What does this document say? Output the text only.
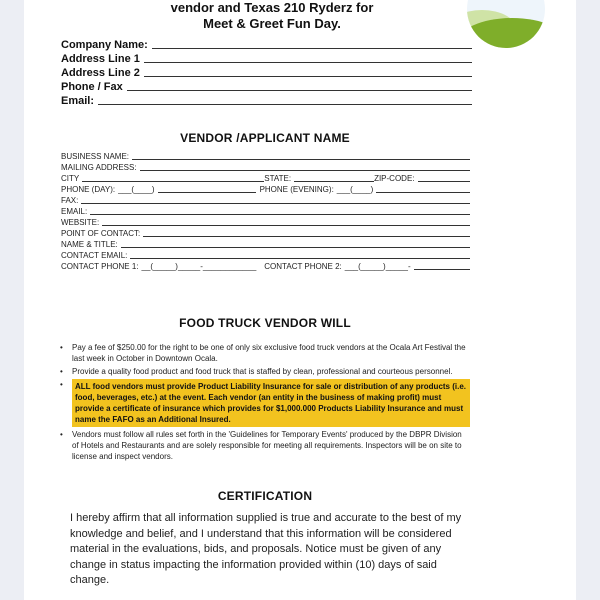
vendor and Texas 210 Ryderz for
Meet & Greet Fun Day.
Company Name:
Address Line 1
Address Line 2
Phone / Fax
Email:
VENDOR /APPLICANT NAME
BUSINESS NAME:
MAILING ADDRESS:
CITY	STATE:	ZIP-CODE:
PHONE (DAY): ___(____)	PHONE (EVENING): ___(____)
FAX:
EMAIL:
WEBSITE:
POINT OF CONTACT:
NAME & TITLE:
CONTACT EMAIL:
CONTACT PHONE 1: __(_____)_____-____________	CONTACT PHONE 2: ___(_____)_____-
FOOD TRUCK VENDOR WILL
•	Pay a fee of $250.00 for the right to be one of only six exclusive food truck vendors at the Ocala Art Festival the last week in October in Downtown Ocala.
•	Provide a quality food product and food truck that is staffed by clean, professional and courteous personnel.
•	ALL food vendors must provide Product Liability Insurance for sale or distribution of any products (i.e. food, beverages, etc.) at the event. Each vendor (an entity in the business of making profit) must provide a certificate of insurance which provides for $1,000.000 Products Liability Insurance and must name the FAFO as an Additional Insured.
•	Vendors must follow all rules set forth in the 'Guidelines for Temporary Events' produced by the DBPR Division of Hotels and Restaurants and are solely responsible for meeting all requirements. Inspectors will be on site to license and inspect vendors.
CERTIFICATION
I hereby affirm that all information supplied is true and accurate to the best of my knowledge and belief, and I understand that this information will be considered material in the evaluations, bids, and proposals. Notice must be given of any change in status impacting the information provided within (10) days of said change.
